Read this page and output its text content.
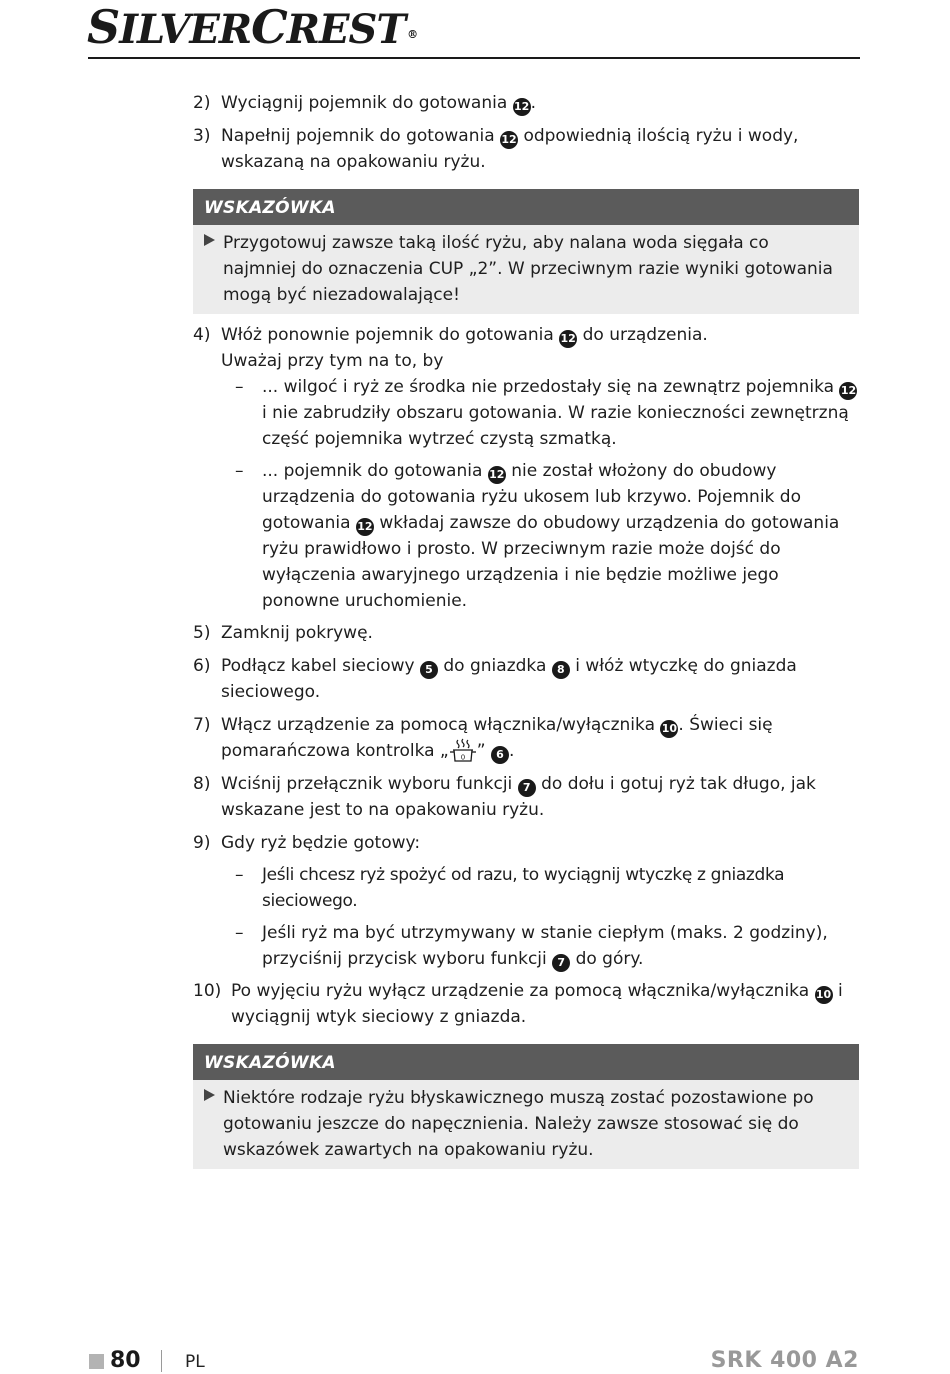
SILVERCREST ®
2) Wyciągnij pojemnik do gotowania 12.
3) Napełnij pojemnik do gotowania 12 odpowiednią ilością ryżu i wody, wskazaną na opakowaniu ryżu.
WSKAZÓWKA
Przygotowuj zawsze taką ilość ryżu, aby nalana woda sięgała co najmniej do oznaczenia CUP „2”. W przeciwnym razie wyniki gotowania mogą być niezadowalające!
4) Włóż ponownie pojemnik do gotowania 12 do urządzenia.
Uważaj przy tym na to, by
– ... wilgoć i ryż ze środka nie przedostały się na zewnątrz pojemnika 12 i nie zabrudziły obszaru gotowania. W razie konieczności zewnętrzną część pojemnika wytrzeć czystą szmatką.
– ... pojemnik do gotowania 12 nie został włożony do obudowy urządzenia do gotowania ryżu ukosem lub krzywo. Pojemnik do gotowania 12 wkładaj zawsze do obudowy urządzenia do gotowania ryżu prawidłowo i prosto. W przeciwnym razie może dojść do wyłączenia awaryjnego urządzenia i nie będzie możliwe jego ponowne uruchomienie.
5) Zamknij pokrywę.
6) Podłącz kabel sieciowy 5 do gniazdka 8 i włóż wtyczkę do gniazda sieciowego.
7) Włącz urządzenie za pomocą włącznika/wyłącznika 10. Świeci się pomarańczowa kontrolka „ 0 ” 6 .
8) Wciśnij przełącznik wyboru funkcji 7 do dołu i gotuj ryż tak długo, jak wskazane jest to na opakowaniu ryżu.
9) Gdy ryż będzie gotowy:
– Jeśli chcesz ryż spożyć od razu, to wyciągnij wtyczkę z gniazdka sieciowego.
– Jeśli ryż ma być utrzymywany w stanie ciepłym (maks. 2 godziny), przyciśnij przycisk wyboru funkcji 7 do góry.
10) Po wyjęciu ryżu wyłącz urządzenie za pomocą włącznika/wyłącznika 10 i wyciągnij wtyk sieciowy z gniazda.
WSKAZÓWKA
Niektóre rodzaje ryżu błyskawicznego muszą zostać pozostawione po gotowaniu jeszcze do napęcznienia. Należy zawsze stosować się do wskazówek zawartych na opakowaniu ryżu.
80	PL	SRK 400 A2
